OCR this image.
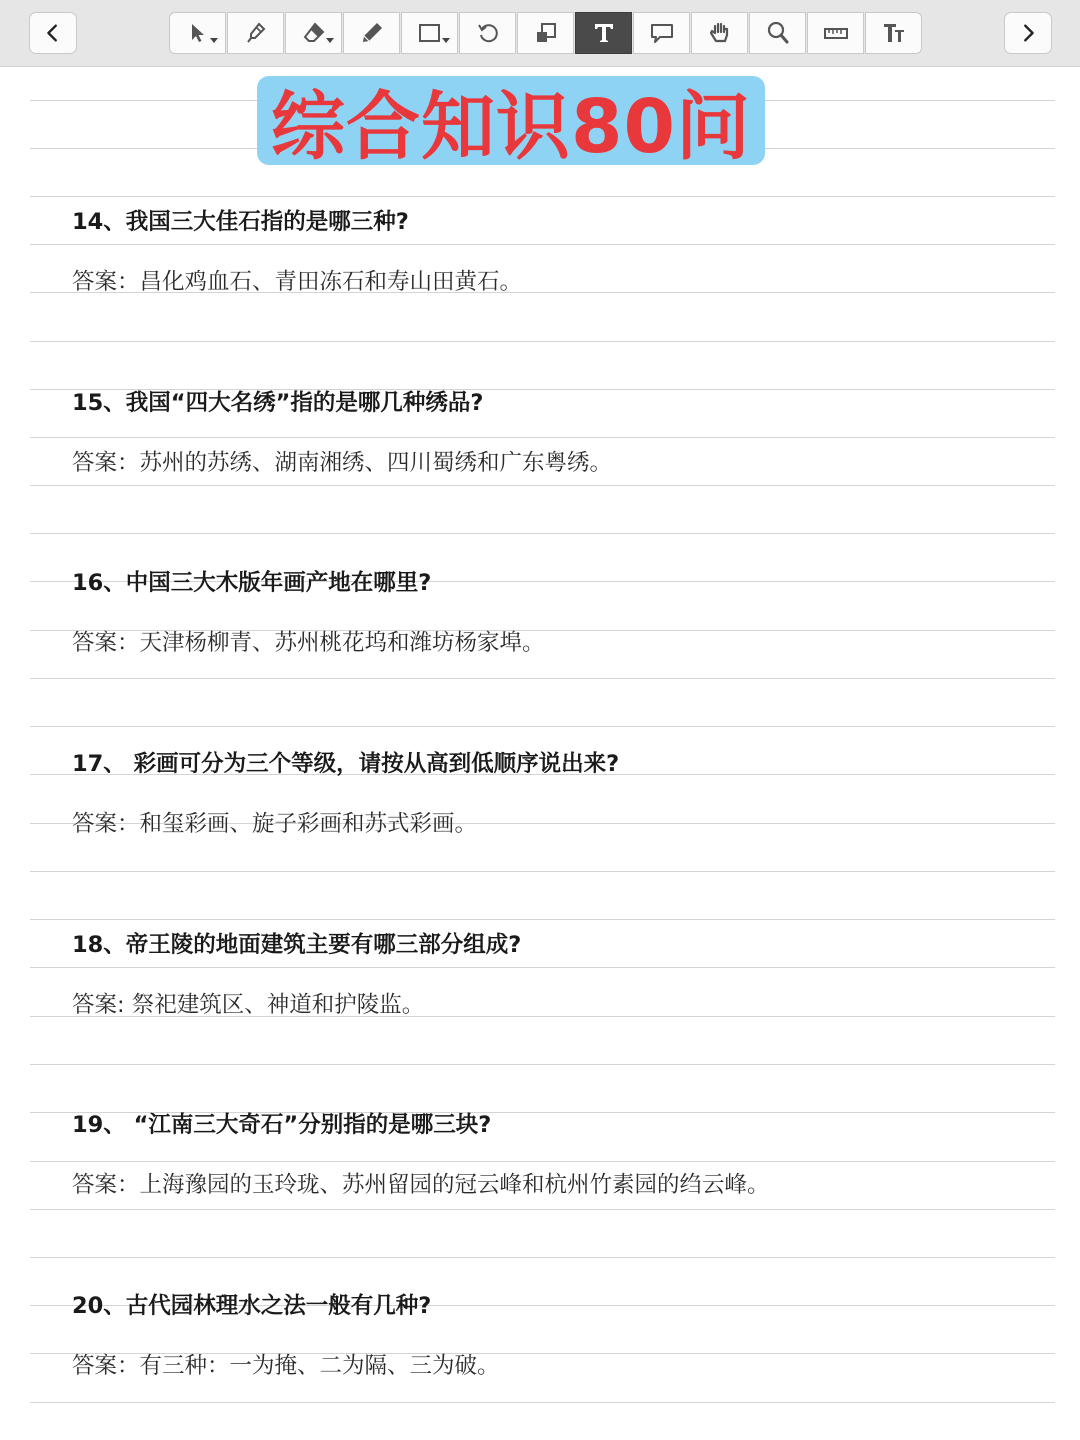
综合知识80问
14、我国三大佳石指的是哪三种?
答案：昌化鸡血石、青田冻石和寿山田黄石。
15、我国“四大名绣”指的是哪几种绣品?
答案：苏州的苏绣、湖南湘绣、四川蜀绣和广东粤绣。
16、中国三大木版年画产地在哪里?
答案：天津杨柳青、苏州桃花坞和潍坊杨家埠。
17、 彩画可分为三个等级，请按从高到低顺序说出来?
答案：和玺彩画、旋子彩画和苏式彩画。
18、帝王陵的地面建筑主要有哪三部分组成?
答案: 祭祀建筑区、神道和护陵监。
19、 “江南三大奇石”分别指的是哪三块?
答案：上海豫园的玉玲珑、苏州留园的冠云峰和杭州竹素园的绉云峰。
20、古代园林理水之法一般有几种?
答案：有三种：一为掩、二为隔、三为破。
